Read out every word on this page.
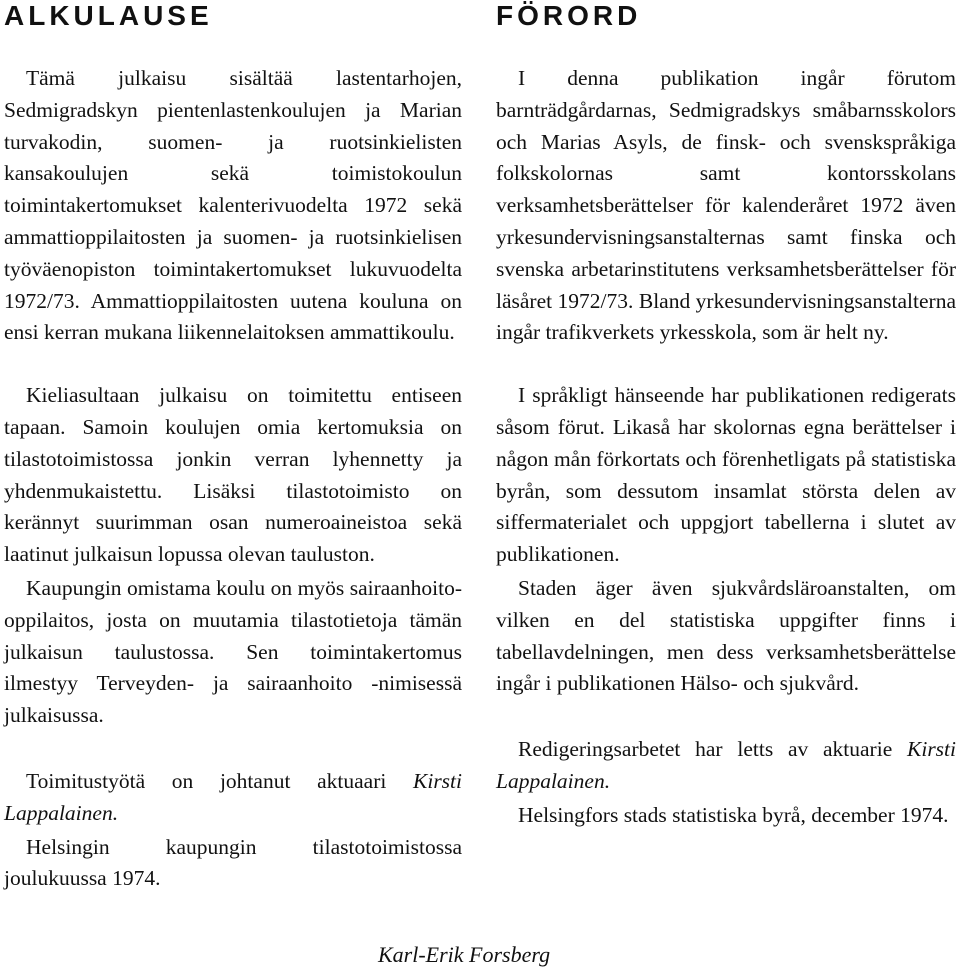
ALKULAUSE

Tämä julkaisu sisältää lastentarhojen, Sedmigradskyn pientenlastenkoulujen ja Marian turvakodin, suomen- ja ruotsinkielisten kansakoulujen sekä toimistokoulun toimintakertomukset kalenterivuodelta 1972 sekä ammattioppilaitosten ja suomen- ja ruotsinkielisen työväenopiston toimintakertomukset lukuvuodelta 1972/73. Ammattioppilaitosten uutena kouluna on ensi kerran mukana liikennelaitoksen ammattikoulu.

Kieliasultaan julkaisu on toimitettu entiseen tapaan. Samoin koulujen omia kertomuksia on tilastotoimistossa jonkin verran lyhennetty ja yhdenmukaistettu. Lisäksi tilastotoimisto on kerännyt suurimman osan numeroaineistoa sekä laatinut julkaisun lopussa olevan tauluston.

Kaupungin omistama koulu on myös sairaanhoito-oppilaitos, josta on muutamia tilastotietoja tämän julkaisun taulustossa. Sen toimintakertomus ilmestyy Terveyden- ja sairaanhoito -nimisessä julkaisussa.

Toimitustyötä on johtanut aktuaari Kirsti Lappalainen.

Helsingin kaupungin tilastotoimistossa joulukuussa 1974.

FÖRORD

I denna publikation ingår förutom barnträdgårdarnas, Sedmigradskys småbarnsskolors och Marias Asyls, de finsk- och svenskspråkiga folkskolornas samt kontorsskolans verksamhetsberättelser för kalenderåret 1972 även yrkesundervisningsanstalternas samt finska och svenska arbetarinstitutens verksamhetsberättelser för läsåret 1972/73. Bland yrkesundervisningsanstalterna ingår trafikverkets yrkesskola, som är helt ny.

I språkligt hänseende har publikationen redigerats såsom förut. Likaså har skolornas egna berättelser i någon mån förkortats och förenhetligats på statistiska byrån, som dessutom insamlat största delen av siffermaterialet och uppgjort tabellerna i slutet av publikationen.

Staden äger även sjukvårdsläroanstalten, om vilken en del statistiska uppgifter finns i tabellavdelningen, men dess verksamhetsberättelse ingår i publikationen Hälso- och sjukvård.

Redigeringsarbetet har letts av aktuarie Kirsti Lappalainen.

Helsingfors stads statistiska byrå, december 1974.

Karl-Erik Forsberg
